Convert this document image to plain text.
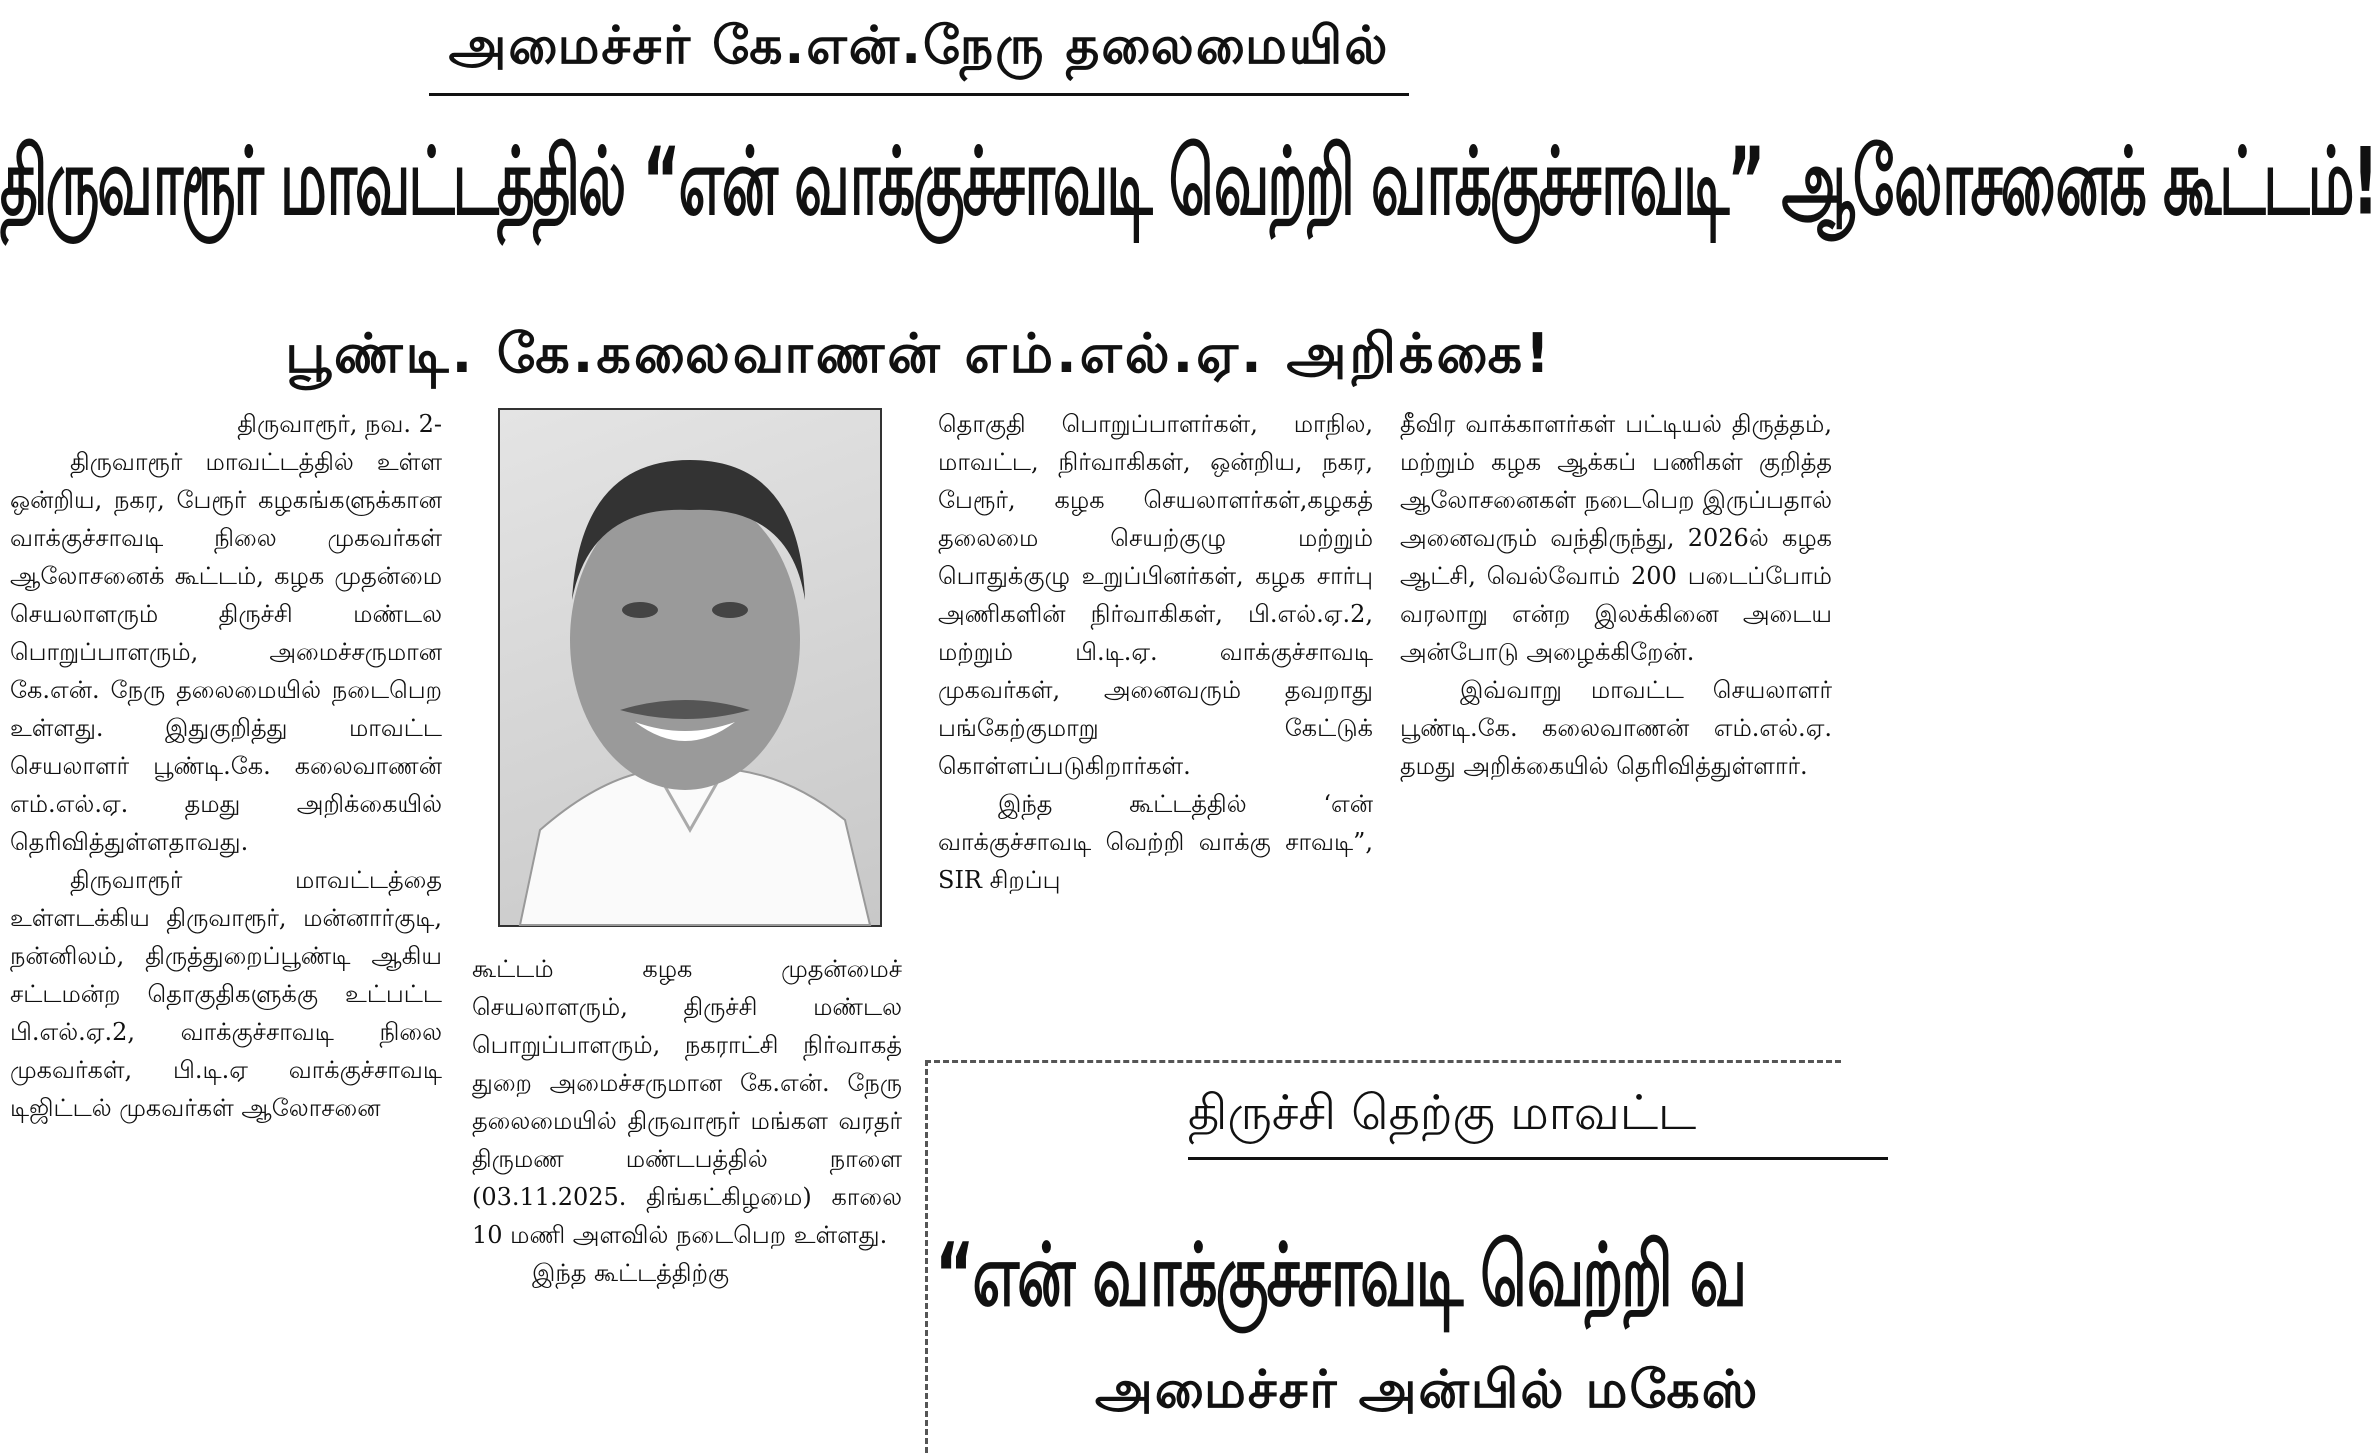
அமைச்சர் கே.என்.நேரு தலைமையில்
திருவாரூர் மாவட்டத்தில் “என் வாக்குச்சாவடி வெற்றி வாக்குச்சாவடி” ஆலோசனைக் கூட்டம்!
பூண்டி. கே.கலைவாணன் எம்.எல்.ஏ. அறிக்கை!

திருவாரூர், நவ. 2-

திருவாரூர் மாவட்டத்தில் உள்ள ஒன்றிய, நகர, பேரூர் கழகங்களுக்கான வாக்குச்சாவடி நிலை முகவர்கள் ஆலோசனைக் கூட்டம், கழக முதன்மை செயலாளரும் திருச்சி மண்டல பொறுப்பாளரும், அமைச்சருமான கே.என். நேரு தலைமையில் நடைபெற உள்ளது. இதுகுறித்து மாவட்ட செயலாளர் பூண்டி.கே. கலைவாணன் எம்.எல்.ஏ. தமது அறிக்கையில் தெரிவித்துள்ளதாவது.

திருவாரூர் மாவட்டத்தை உள்ளடக்கிய திருவாரூர், மன்னார்குடி, நன்னிலம், திருத்துறைப்பூண்டி ஆகிய சட்டமன்ற தொகுதிகளுக்கு உட்பட்ட பி.எல்.ஏ.2, வாக்குச்சாவடி நிலை முகவர்கள், பி.டி.ஏ வாக்குச்சாவடி டிஜிட்டல் முகவர்கள் ஆலோசனை

கூட்டம் கழக முதன்மைச் செயலாளரும், திருச்சி மண்டல பொறுப்பாளரும், நகராட்சி நிர்வாகத் துறை அமைச்சருமான கே.என். நேரு தலைமையில் திருவாரூர் மங்கள வரதர் திருமண மண்டபத்தில் நாளை (03.11.2025. திங்கட்கிழமை) காலை 10 மணி அளவில் நடைபெற உள்ளது.

இந்த கூட்டத்திற்கு

தொகுதி பொறுப்பாளர்கள், மாநில, மாவட்ட, நிர்வாகிகள், ஒன்றிய, நகர, பேரூர், கழக செயலாளர்கள்,கழகத் தலைமை செயற்குழு மற்றும் பொதுக்குழு உறுப்பினர்கள், கழக சார்பு அணிகளின் நிர்வாகிகள், பி.எல்.ஏ.2, மற்றும் பி.டி.ஏ. வாக்குச்சாவடி முகவர்கள், அனைவரும் தவறாது பங்கேற்குமாறு கேட்டுக் கொள்ளப்படுகிறார்கள்.

இந்த கூட்டத்தில் ‘என் வாக்குச்சாவடி வெற்றி வாக்கு சாவடி”, SIR சிறப்பு

தீவிர வாக்காளர்கள் பட்டியல் திருத்தம், மற்றும் கழக ஆக்கப் பணிகள் குறித்த ஆலோசனைகள் நடைபெற இருப்பதால் அனைவரும் வந்திருந்து, 2026ல் கழக ஆட்சி, வெல்வோம் 200 படைப்போம் வரலாறு என்ற இலக்கினை அடைய அன்போடு அழைக்கிறேன்.

இவ்வாறு மாவட்ட செயலாளர் பூண்டி.கே. கலைவாணன் எம்.எல்.ஏ. தமது அறிக்கையில் தெரிவித்துள்ளார்.

திருச்சி தெற்கு மாவட்ட
“என் வாக்குச்சாவடி வெற்றி வ
அமைச்சர் அன்பில் மகேஸ்
